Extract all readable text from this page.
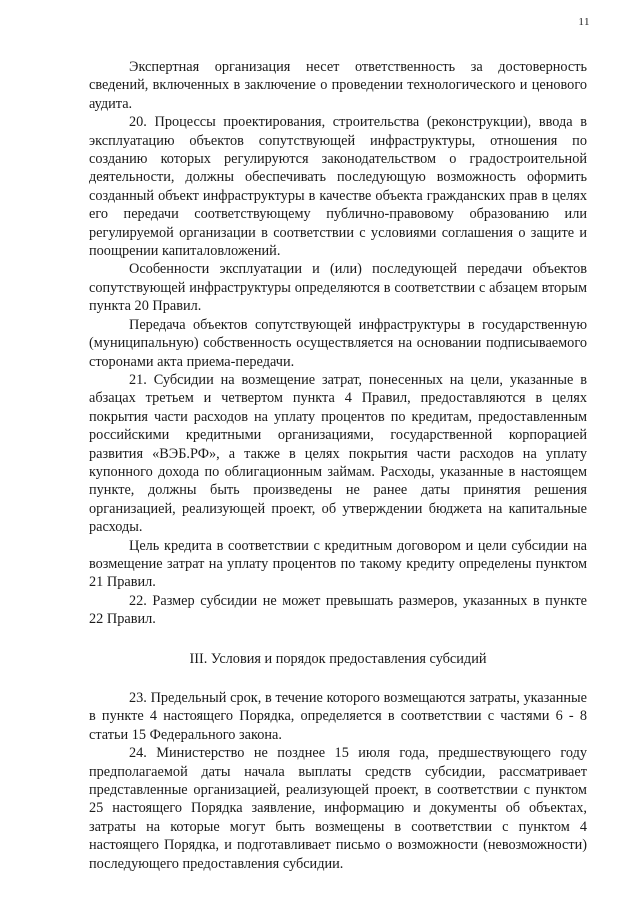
11

Экспертная организация несет ответственность за достоверность сведений, включенных в заключение о проведении технологического и ценового аудита.

20. Процессы проектирования, строительства (реконструкции), ввода в эксплуатацию объектов сопутствующей инфраструктуры, отношения по созданию которых регулируются законодательством о градостроительной деятельности, должны обеспечивать последующую возможность оформить созданный объект инфраструктуры в качестве объекта гражданских прав в целях его передачи соответствующему публично-правовому образованию или регулируемой организации в соответствии с условиями соглашения о защите и поощрении капиталовложений.

Особенности эксплуатации и (или) последующей передачи объектов сопутствующей инфраструктуры определяются в соответствии с абзацем вторым пункта 20 Правил.

Передача объектов сопутствующей инфраструктуры в государственную (муниципальную) собственность осуществляется на основании подписываемого сторонами акта приема-передачи.

21. Субсидии на возмещение затрат, понесенных на цели, указанные в абзацах третьем и четвертом пункта 4 Правил, предоставляются в целях покрытия части расходов на уплату процентов по кредитам, предоставленным российскими кредитными организациями, государственной корпорацией развития «ВЭБ.РФ», а также в целях покрытия части расходов на уплату купонного дохода по облигационным займам. Расходы, указанные в настоящем пункте, должны быть произведены не ранее даты принятия решения организацией, реализующей проект, об утверждении бюджета на капитальные расходы.

Цель кредита в соответствии с кредитным договором и цели субсидии на возмещение затрат на уплату процентов по такому кредиту определены пунктом 21 Правил.

22. Размер субсидии не может превышать размеров, указанных в пункте 22 Правил.

III. Условия и порядок предоставления субсидий

23. Предельный срок, в течение которого возмещаются затраты, указанные в пункте 4 настоящего Порядка, определяется в соответствии с частями 6 - 8 статьи 15 Федерального закона.

24. Министерство не позднее 15 июля года, предшествующего году предполагаемой даты начала выплаты средств субсидии, рассматривает представленные организацией, реализующей проект, в соответствии с пунктом 25 настоящего Порядка заявление, информацию и документы об объектах, затраты на которые могут быть возмещены в соответствии с пунктом 4 настоящего Порядка, и подготавливает письмо о возможности (невозможности) последующего предоставления субсидии.
